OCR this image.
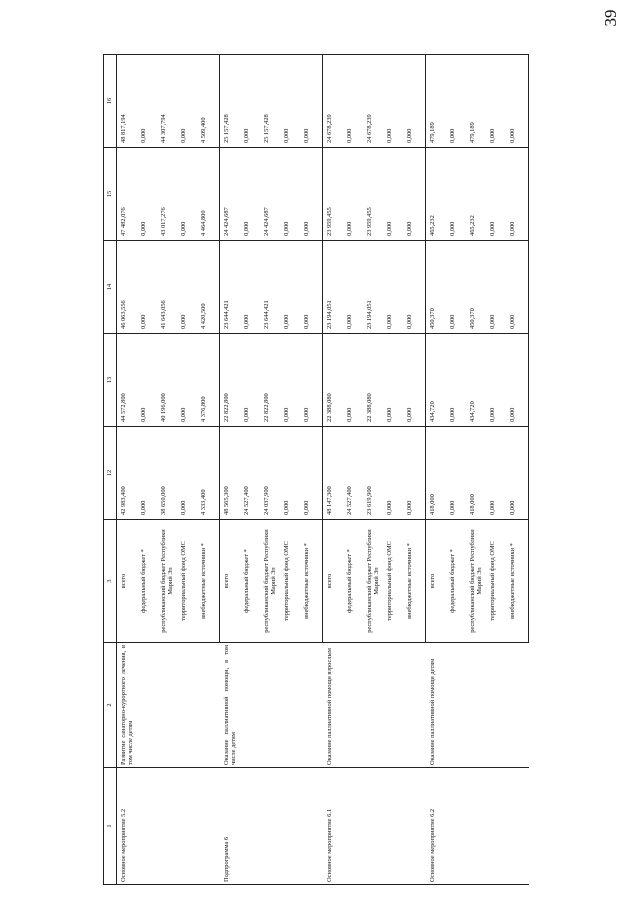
39
1	2	3	12	13	14	15	16
Основное мероприятие 5.2	Развитие санаторно-курортного лечения, в том числе детям	всего	42 983,400	44 572,800	46 063,556	47 482,076	48 817,194
		федеральный бюджет *	0,000	0,000	0,000	0,000	0,000
		республиканский бюджет Республики Марий Эл	38 650,000	40 196,000	41 643,056	43 017,276	44 307,794
		территориальный фонд ОМС	0,000	0,000	0,000	0,000	0,000
		внебюджетные источники *	4 333,400	4 376,800	4 420,500	4 464,800	4 509,400
Подпрограмма 6	Оказание паллиативной помощи, в том числе детям	всего	48 565,300	22 822,800	23 644,421	24 424,687	25 157,428
		федеральный бюджет *	24 527,400	0,000	0,000	0,000	0,000
		республиканский бюджет Республики Марий Эл	24 037,900	22 822,800	23 644,421	24 424,687	25 157,428
		территориальный фонд ОМС	0,000	0,000	0,000	0,000	0,000
		внебюджетные источники *	0,000	0,000	0,000	0,000	0,000
Основное мероприятие 6.1	Оказание паллиативной помощи взрослым	всего	48 147,300	22 388,080	23 194,051	23 959,455	24 678,239
		федеральный бюджет *	24 527,400	0,000	0,000	0,000	0,000
		республиканский бюджет Республики Марий Эл	23 619,900	22 388,080	23 194,051	23 959,455	24 678,239
		территориальный фонд ОМС	0,000	0,000	0,000	0,000	0,000
		внебюджетные источники *	0,000	0,000	0,000	0,000	0,000
Основное мероприятие 6.2	Оказание паллиативной помощи детям	всего	418,000	434,720	450,370	465,232	479,189
		федеральный бюджет *	0,000	0,000	0,000	0,000	0,000
		республиканский бюджет Республики Марий Эл	418,000	434,720	450,370	465,232	479,189
		территориальный фонд ОМС	0,000	0,000	0,000	0,000	0,000
		внебюджетные источники *	0,000	0,000	0,000	0,000	0,000
